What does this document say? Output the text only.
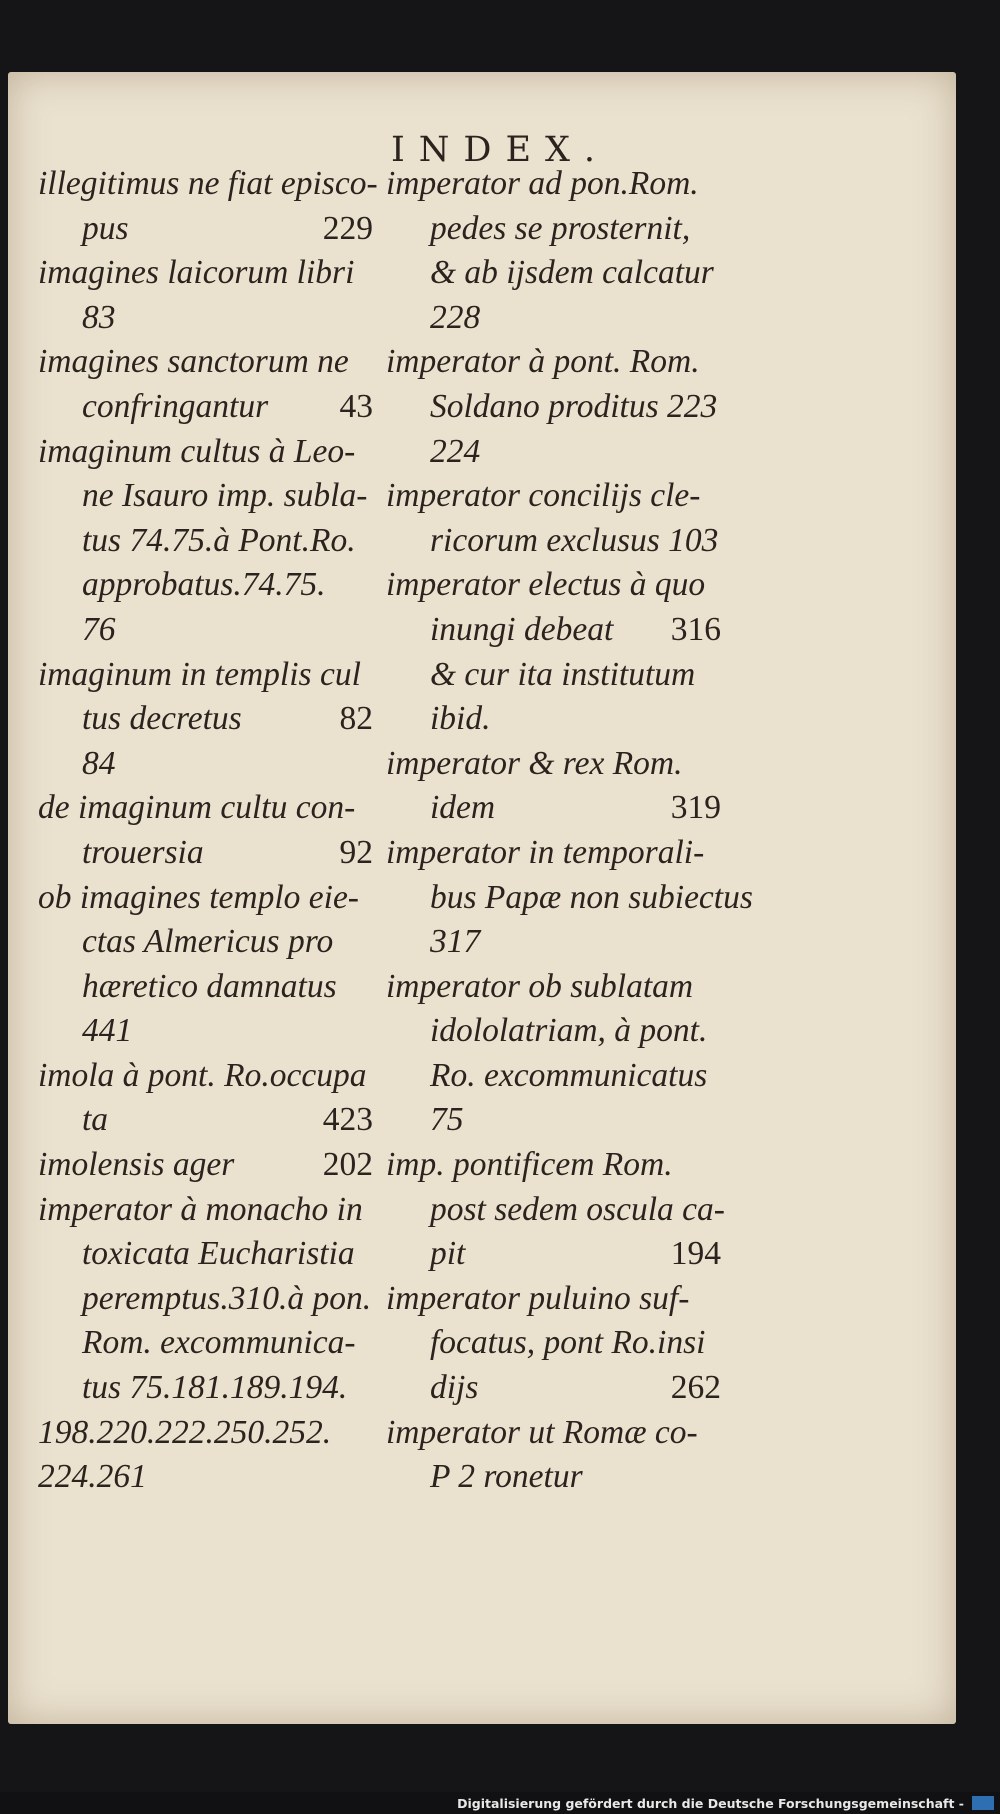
INDEX.
illegitimus ne fiat episco-
pus	229
imagines laicorum libri
83
imagines sanctorum ne
confringantur 43
imaginum cultus à Leo-
ne Isauro imp. subla-
tus 74.75.à Pont.Ro.
approbatus.74.75.
76
imaginum in templis cul
tus decretus	82
84
de imaginum cultu con-
trouersia	92
ob imagines templo eie-
ctas Almericus pro
hæretico damnatus
441
imola à pont. Ro.occupa
ta	423
imolensis ager	202
imperator à monacho in
toxicata Eucharistia
peremptus.310.à pon.
Rom. excommunica-
tus 75.181.189.194.
198.220.222.250.252.
224.261
imperator ad pon.Rom.
pedes se prosternit,
& ab ijsdem calcatur
228
imperator à pont. Rom.
Soldano proditus 223
224
imperator concilijs cle-
ricorum exclusus 103
imperator electus à quo
inungi debeat 316
& cur ita institutum
ibid.
imperator & rex Rom.
idem	319
imperator in temporali-
bus Papæ non subiectus
317
imperator ob sublatam
idololatriam, à pont.
Ro. excommunicatus
75
imp. pontificem Rom.
post sedem oscula ca-
pit	194
imperator puluino suf-
focatus, pont Ro.insi
dijs	262
imperator ut Romæ co-
P 2 ronetur
Digitalisierung gefördert durch die Deutsche Forschungsgemeinschaft -
